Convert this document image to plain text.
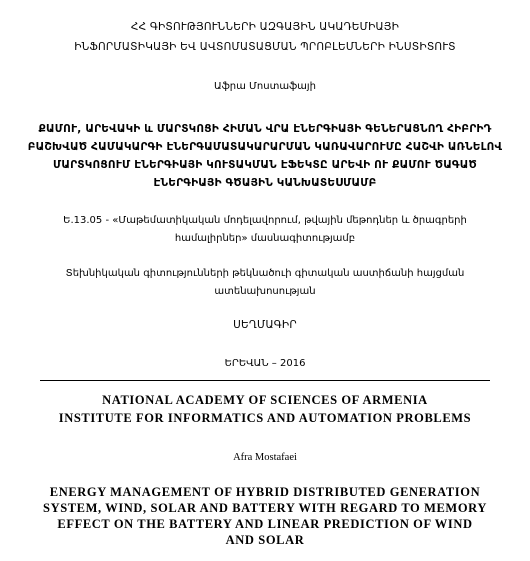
ՀՀ ԳԻՏՈՒԹՅՈՒՆՆԵՐԻ ԱԶԳԱՅԻՆ ԱԿԱԴԵՄԻԱՅԻ
ԻՆՖՈՐՄԱՏԻԿԱՅԻ ԵՎ ԱՎՏՈՄԱՏԱՑՄԱՆ ՊՐՈԲԼԵՄՆԵՐԻ ԻՆՍՏԻՏՈՒՏ
Աֆրա Մոստաֆայի
ՔԱՄՈՒ, ԱՐԵՎԱԿԻ և ՄԱՐՏԿՈՑԻ ՀԻՄԱՆ ՎՐԱ ԷՆԵՐԳԻԱՅԻ ԳԵՆԵՐԱՑՆՈՂ ՀԻԲՐԻԴ
ԲԱՇԽՎԱԾ ՀԱՄԱԿԱՐԳԻ ԷՆԵՐԳԱՄԱՏԱԿԱՐԱՐՄԱՆ ԿԱՌԱՎԱՐՈՒՄԸ ՀԱՇՎԻ ԱՌՆԵԼՈՎ
ՄԱՐՏԿՈՑՈՒՄ ԷՆԵՐԳԻԱՅԻ ԿՈՒՏԱԿՄԱՆ ԷՖԵԿՏԸ ԱՐԵՎԻ ՈՒ ՔԱՄՈՒ ԾԱԳԱԾ
ԷՆԵՐԳԻԱՅԻ ԳԾԱՅԻՆ ԿԱՆԽԱՏԵՍՄԱՄԲ
Ե.13.05 - «Մաթեմատիկական մոդելավորում, թվային մեթոդներ և ծրագրերի
համալիրներ» մասնագիտությամբ
Տեխնիկական գիտությունների թեկնածուի գիտական աստիճանի հայցման
ատենախոսության
ՍԵՂՄԱԳԻՐ
ԵՐԵՎԱՆ – 2016
NATIONAL ACADEMY OF SCIENCES OF ARMENIA
INSTITUTE FOR INFORMATICS AND AUTOMATION PROBLEMS
Afra Mostafaei
ENERGY MANAGEMENT OF HYBRID DISTRIBUTED GENERATION
SYSTEM, WIND, SOLAR AND BATTERY WITH REGARD TO MEMORY
EFFECT ON THE BATTERY AND LINEAR PREDICTION OF WIND
AND SOLAR
